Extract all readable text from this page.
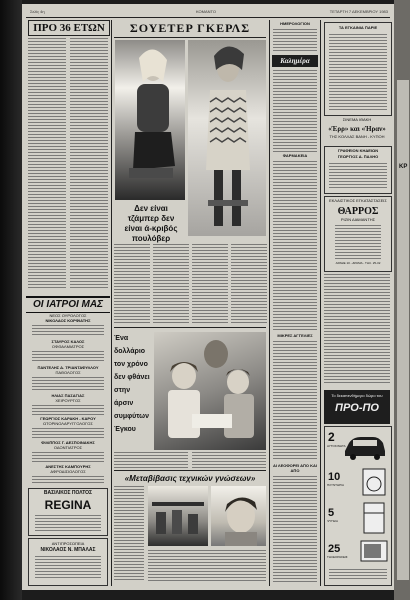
ΚΡ
Σελίς 4η	ΚΟΜΑΝΤΟ	ΤΕΤΑΡΤΗ 7 ΔΕΚΕΜΒΡΙΟΥ 1983
ΠΡΟ 36 ΕΤΩΝ
ΟΙ ΙΑΤΡΟΙ ΜΑΣ
ΝΕΟΣ ΟΥΡΟΛΟΓΟΣ
ΝΙΚΟΛΑΟΣ ΚΟΡΦΙΑΤΗΣ
ΣΤΑΥΡΟΣ ΚΑΛΟΣ
ΟΦΘΑΛΜΙΑΤΡΟΣ
ΠΑΝΤΕΛΗΣ Δ. ΤΡΙΑΝΤΑΦΥΛΛΟΥ
ΠΑΘΟΛΟΓΟΣ
ΗΛΙΑΣ ΠΑΣΑΓΙΑΣ
ΧΕΙΡΟΥΡΓΟΣ
ΓΕΩΡΓΙΟΣ ΚΑΡΑΚΗ - ΚΑΡΟΥ
ΩΤΟΡΙΝΟΛΑΡΥΓΓΟΛΟΓΟΣ
ΦΙΛΙΠΠΟΣ Γ. ΔΕΣΠΟΙΝΑΚΗΣ
ΟΔΟΝΤΙΑΤΡΟΣ
ΑΝΕΣΤΗΣ ΚΑΜΠΟΥΡΗΣ
ΑΦΡΟΔΙΣΙΟΛΟΓΟΣ
ΒΑΣΙΛΙΚΟΣ ΠΟΛΤΟΣ
REGINA
ΑΝΤΙΠΡΟΣΩΠΕΙΑ
ΝΙΚΟΛΑΟΣ Ν. ΜΠΑΛΑΣ
ΣΟΥΕΤΕΡ ΓΚΕΡΛΣ
Δεν είναι τζάμπερ δεν είναι ά-κριβός πουλόβερ
Ένα δολλάριο τον χρόνο δεν φθάνει στην άρσιν συμφύτων Έγκου
«Μεταβίβασις τεχνικών γνώσεων»
ΗΜΕΡΟΛΟΓΙΟΝ
Καλημέρα
ΦΑΡΜΑΚΕΙΑ
ΜΙΚΡΕΣ ΑΓΓΕΛΙΕΣ
ΑΙ ΛΕΟΦΟΡΕΙ ΑΠΟ ΚΑΙ ΑΠΟ
ΤΑ ΕΓΚΑΙΝΙΑ ΠΑΡΙΕ
ΣΙΝΕΜΑ ΙΘΑΚΗ
«Έρρ» και «Ήραν»
ΤΗΣ ΚΟΛΛΑΣ ΒΑΝΗ - ΚΥΠΟΗ
ΓΡΑΦΕΙΟΝ ΚΗΔΕΙΩΝ
ΓΕΩΡΓΙΟΣ Δ. ΠΑΛΗΟ
ΕΚΛΑΙΣΤΙΚΟΣ ΕΓΚΑΤΑΣΤΑΣΕΙΣ
ΘΑΡΡΟΣ
ΡΙΖΙΝ ΔΙΑΜΑΝΤΗΣ
ΑΡΑΘΕ 10 - ΔΡΑΜΑ - ΤΗΛ. 25-32
Το δεκαπενθήμερο δώρο του
ΠΡΟ-ΠΟ
2
ΑΥΤΟΚΙΝΗΤΑ
10
ΠΛΥΝΤΗΡΙΑ
5
ΨΥΓΕΙΑ
25
ΤΗΛΕΟΡΑΣΕΙΣ
